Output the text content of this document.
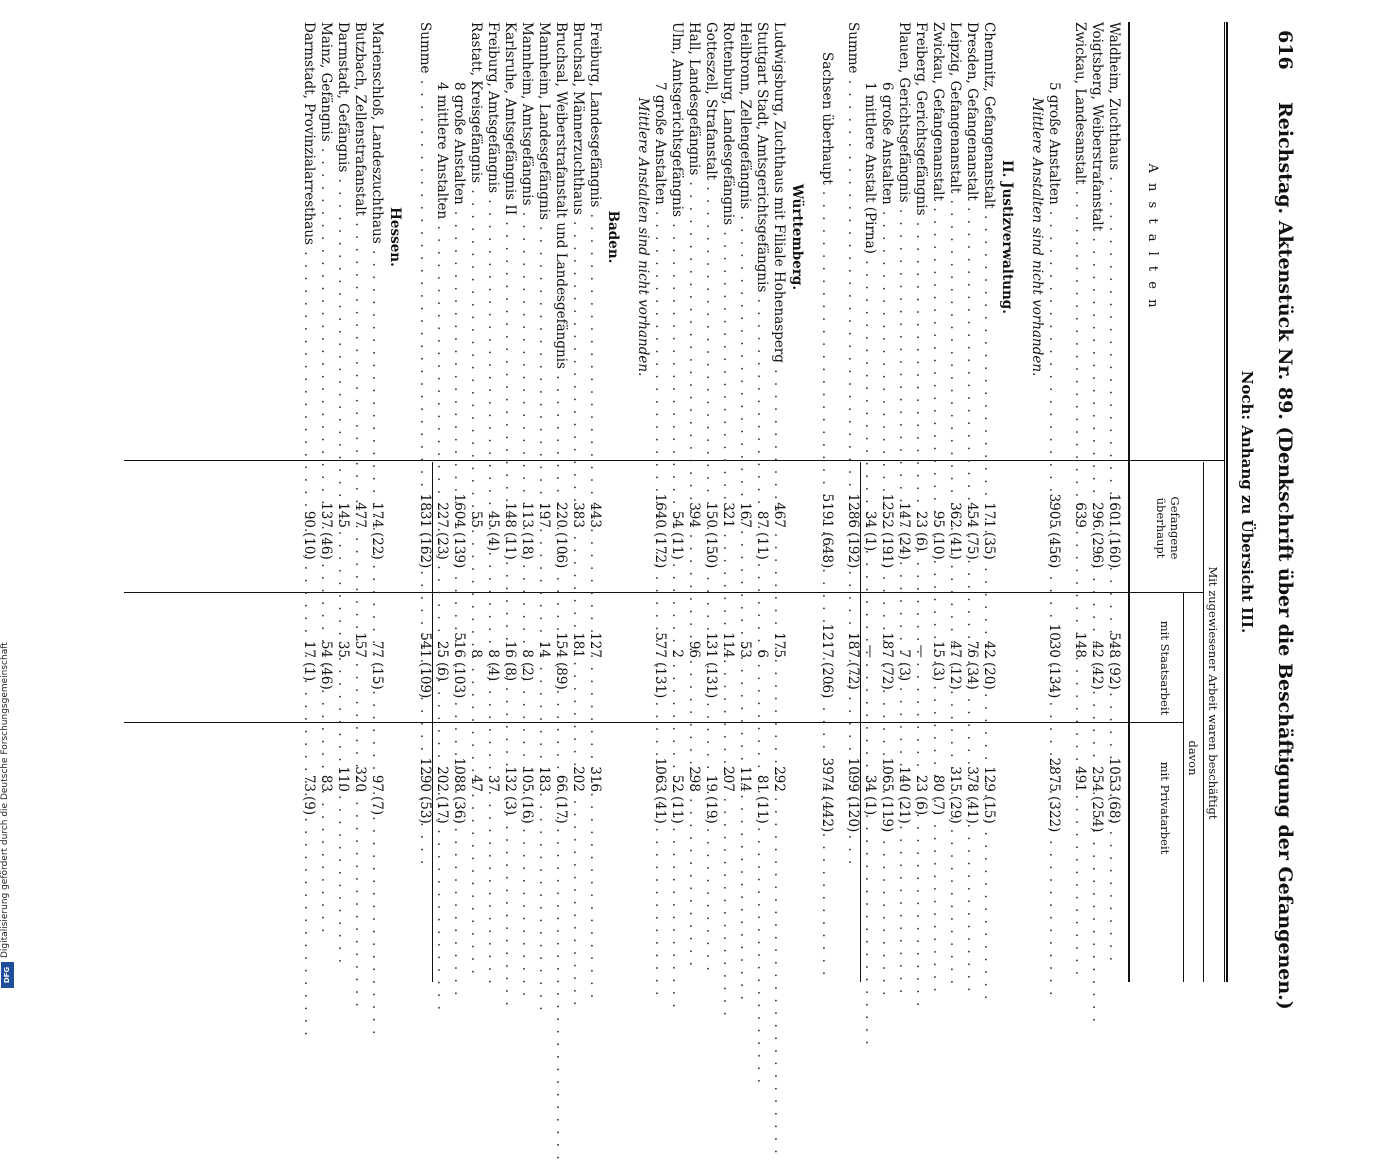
Digitalisierung gefördert durch die Deutsche Forschungsgemeinschaft
DFG
616
Reichstag. Aktenstück Nr. 89. (Denkschrift über die Beschäftigung der Gefangenen.)
Noch: Anhang zu Übersicht III.
A n s t a l t e n
Mit zugewiesener Arbeit waren beschäftigt
davon
Gefangene überhaupt
mit Staatsarbeit
mit Privatarbeit
Waldheim, Zuchthaus . . .
1601
(160)
548
(92)
1053
(68)
Voigtsberg, Weiberstrafanstalt . . .
296
(296)
42
(42)
254
(254)
Zwickau, Landesanstalt . . .
639
148
491
5 große Anstalten . . .
3905
(456)
1030
(134)
2875
(322)
Mittlere Anstalten sind nicht vorhanden.
II. Justizverwaltung.
Chemnitz, Gefangenanstalt . . .
171
(35)
42
(20)
129
(15)
Dresden, Gefangenanstalt . . .
454
(75)
76
(34)
378
(41)
Leipzig, Gefangenanstalt . . .
362
(41)
47
(12)
315
(29)
Zwickau, Gefangenanstalt . . .
95
(10)
15
(3)
80
(7)
Freiberg, Gerichtsgefängnis . . .
23
(6)
—
23
(6)
Plauen, Gerichtsgefängnis . . .
147
(24)
7
(3)
140
(21)
6 große Anstalten . . .
1252
(191)
187
(72)
1065
(119)
1 mittlere Anstalt (Pirna) . . .
34
(1)
—
34
(1)
Summe . . .
1286
(192)
187
(72)
1099
(120)
Sachsen überhaupt . . .
5191
(648)
1217
(206)
3974
(442)
Württemberg.
Ludwigsburg, Zuchthaus mit Filiale Hohenasperg . . .
467
175
292
Stuttgart Stadt, Amtsgerichtsgefängnis . . .
87
(11)
6
81
(11)
Heilbronn, Zellengefängnis . . .
167
53
114
Rottenburg, Landesgefängnis . . .
321
114
207
Gotteszell, Strafanstalt . . .
150
(150)
131
(131)
19
(19)
Hall, Landesgefängnis . . .
394
96
298
Ulm, Amtsgerichtsgefängnis . . .
54
(11)
2
52
(11)
7 große Anstalten . . .
1640
(172)
577
(131)
1063
(41)
Mittlere Anstalten sind nicht vorhanden.
Baden.
Freiburg, Landesgefängnis . . .
443
127
316
Bruchsal, Männerzuchthaus . . .
383
181
202
Bruchsal, Weiberstrafanstalt und Landesgefängnis . . .
220
(106)
154
(89)
66
(17)
Mannheim, Landesgefängnis . . .
197
14
183
Mannheim, Amtsgefängnis . . .
113
(18)
8
(2)
105
(16)
Karlsruhe, Amtsgefängnis II . . .
148
(11)
16
(8)
132
(3)
Freiburg, Amtsgefängnis . . .
45
(4)
8
(4)
37
Rastatt, Kreisgefängnis . . .
55
8
47
8 große Anstalten . . .
1604
(139)
516
(103)
1088
(36)
4 mittlere Anstalten . . .
227
(23)
25
(6)
202
(17)
Summe . . .
1831
(162)
541
(109)
1290
(53)
Hessen.
Marienschloß, Landeszuchthaus . . .
174
(22)
77
(15)
97
(7)
Butzbach, Zellenstrafanstalt . . .
477
157
320
Darmstadt, Gefängnis . . .
145
35
110
Mainz, Gefängnis . . .
137
(46)
54
(46)
83
Darmstadt, Provinzialarresthaus . . .
90
(10)
17
(1)
73
(9)
